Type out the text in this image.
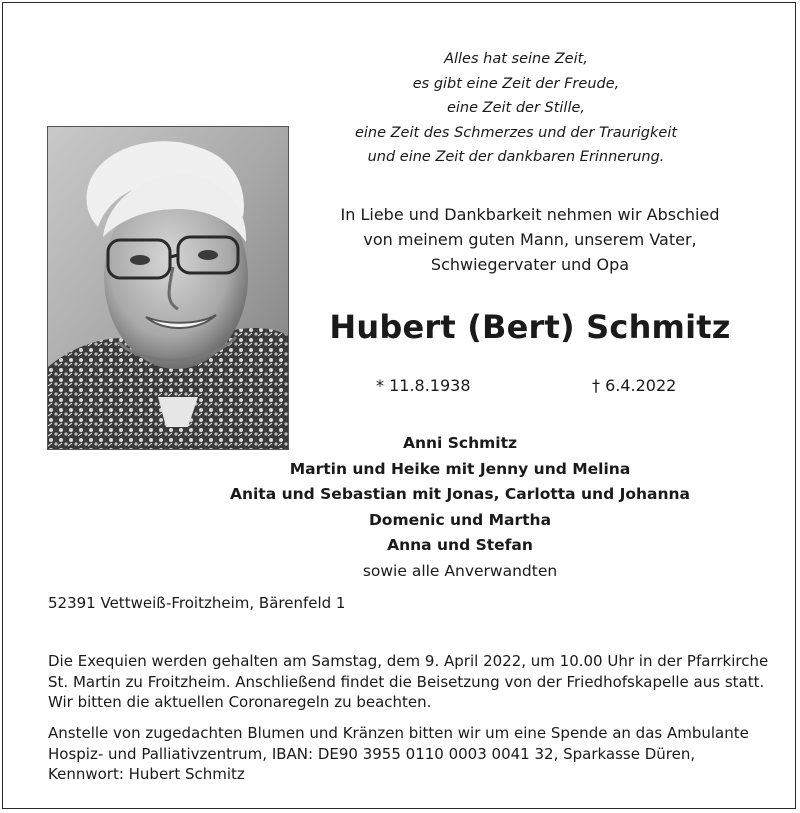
Alles hat seine Zeit,
es gibt eine Zeit der Freude,
eine Zeit der Stille,
eine Zeit des Schmerzes und der Traurigkeit
und eine Zeit der dankbaren Erinnerung.
In Liebe und Dankbarkeit nehmen wir Abschied
von meinem guten Mann, unserem Vater,
Schwiegervater und Opa
Hubert (Bert) Schmitz
* 11.8.1938	† 6.4.2022
Anni Schmitz
Martin und Heike mit Jenny und Melina
Anita und Sebastian mit Jonas, Carlotta und Johanna
Domenic und Martha
Anna und Stefan
sowie alle Anverwandten
52391 Vettweiß-Froitzheim, Bärenfeld 1
Die Exequien werden gehalten am Samstag, dem 9. April 2022, um 10.00 Uhr in der Pfarrkirche
St. Martin zu Froitzheim. Anschließend findet die Beisetzung von der Friedhofskapelle aus statt.
Wir bitten die aktuellen Coronaregeln zu beachten.
Anstelle von zugedachten Blumen und Kränzen bitten wir um eine Spende an das Ambulante
Hospiz- und Palliativzentrum, IBAN: DE90 3955 0110 0003 0041 32, Sparkasse Düren,
Kennwort: Hubert Schmitz
